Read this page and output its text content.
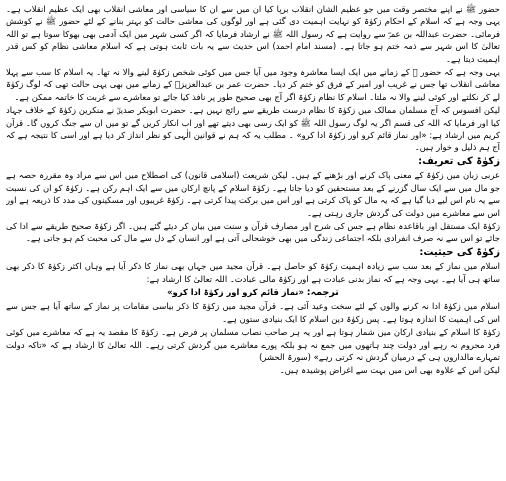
حضور ﷺ نے اپنے مختصر وقت میں جو عظیم الشان انقلاب برپا کیا ان میں سے ان کا سیاسی اور معاشی انقلاب بھی ایک عظیم انقلاب ہے۔ یہی وجہ ہے کہ اسلام کے احکام زکوٰۃ کو نہایت اہمیت دی گئی ہے اور لوگوں کی معاشی حالت کو بہتر بنانے کے لئے حضور ﷺ نے کوشش فرمائی۔ حضرت عبداللہ بن عمرؓ سے روایت ہے کہ رسول اللہ ﷺ نے ارشاد فرمایا کہ اگر کسی شہر میں ایک آدمی بھی بھوکا سوتا ہے تو اللہ تعالیٰ کا اس شہر سے ذمہ ختم ہو جاتا ہے۔ (مسند امام احمد) اس حدیث سے یہ بات ثابت ہوتی ہے کہ اسلام معاشی نظام کو کس قدر اہمیت دیتا ہے۔

یہی وجہ ہے کہ حضور ﷺ کے زمانے میں ایک ایسا معاشرہ وجود میں آیا جس میں کوئی شخص زکوٰۃ لینے والا نہ تھا۔ یہ اسلام کا سب سے پہلا معاشی انقلاب تھا جس نے غریب اور امیر کے فرق کو ختم کر دیا۔ حضرت عمر بن عبدالعزیزؒ کے زمانے میں بھی یہی حالت تھی کہ لوگ زکوٰۃ لے کر نکلتے اور کوئی لینے والا نہ ملتا۔ اسلام کا نظام زکوٰۃ اگر آج بھی صحیح طور پر نافذ کیا جائے تو معاشرے سے غربت کا خاتمہ ممکن ہے۔

لیکن افسوس کہ آج مسلمان ممالک میں زکوٰۃ کا نظام درست طریقے سے رائج نہیں ہے۔ حضرت ابوبکر صدیقؓ نے منکرین زکوٰۃ کے خلاف جہاد کیا اور فرمایا کہ اللہ کی قسم اگر یہ لوگ رسول اللہ ﷺ کو ایک رسی بھی دیتے تھے اور اب انکار کریں گے تو میں ان سے جنگ کروں گا۔ قرآن کریم میں ارشاد ہے: «اور نماز قائم کرو اور زکوٰۃ ادا کرو» ۔ مطلب یہ کہ ہم نے قوانین الٰہی کو نظر انداز کر دیا ہے اور اسی کا نتیجہ ہے کہ آج ہم ذلیل و خوار ہیں۔

زکوٰۃ کی تعریف:

عربی زبان میں زکوٰۃ کے معنی پاک کرنے اور بڑھنے کے ہیں۔ لیکن شریعت (اسلامی قانون) کی اصطلاح میں اس سے مراد وہ مقررہ حصہ ہے جو مال میں سے ایک سال گزرنے کے بعد مستحقین کو دیا جاتا ہے۔ زکوٰۃ اسلام کے پانچ ارکان میں سے ایک اہم رکن ہے۔ زکوٰۃ کو ان کی نسبت سے یہ نام اس لیے دیا گیا ہے کہ یہ مال کو پاک کرتی ہے اور اس میں برکت پیدا کرتی ہے۔ زکوٰۃ غریبوں اور مسکینوں کی مدد کا ذریعہ ہے اور اس سے معاشرے میں دولت کی گردش جاری رہتی ہے۔

زکوٰۃ ایک مستقل اور باقاعدہ نظام ہے جس کی شرح اور مصارف قرآن و سنت میں بیان کر دیئے گئے ہیں۔ اگر زکوٰۃ صحیح طریقے سے ادا کی جائے تو اس سے نہ صرف انفرادی بلکہ اجتماعی زندگی میں بھی خوشحالی آتی ہے اور انسان کے دل سے مال کی محبت کم ہو جاتی ہے۔

زکوٰۃ کی حیثیت:

اسلام میں نماز کے بعد سب سے زیادہ اہمیت زکوٰۃ کو حاصل ہے۔ قرآن مجید میں جہاں بھی نماز کا ذکر آیا ہے وہاں اکثر زکوٰۃ کا ذکر بھی ساتھ ہی آیا ہے۔ یہی وجہ ہے کہ نماز بدنی عبادت ہے اور زکوٰۃ مالی عبادت۔ اللہ تعالیٰ کا ارشاد ہے:

ترجمہ: «نماز قائم کرو اور زکوٰۃ ادا کرو»

اسلام میں زکوٰۃ ادا نہ کرنے والوں کے لئے سخت وعید آئی ہے۔ قرآن مجید میں زکوٰۃ کا ذکر بیاسی مقامات پر نماز کے ساتھ آیا ہے جس سے اس کی اہمیت کا اندازہ ہوتا ہے۔ پس زکوٰۃ دین اسلام کا ایک بنیادی ستون ہے۔

زکوٰۃ کا اسلام کے بنیادی ارکان میں شمار ہوتا ہے اور یہ ہر صاحب نصاب مسلمان پر فرض ہے۔ زکوٰۃ کا مقصد یہ ہے کہ معاشرے میں کوئی فرد محروم نہ رہے اور دولت چند ہاتھوں میں جمع نہ ہو بلکہ پورے معاشرے میں گردش کرتی رہے۔ اللہ تعالیٰ کا ارشاد ہے کہ «تاکہ دولت تمہارے مالداروں ہی کے درمیان گردش نہ کرتی رہے» (سورۃ الحشر)

لیکن اس کے علاوہ بھی اس میں بہت سے اغراض پوشیدہ ہیں۔
